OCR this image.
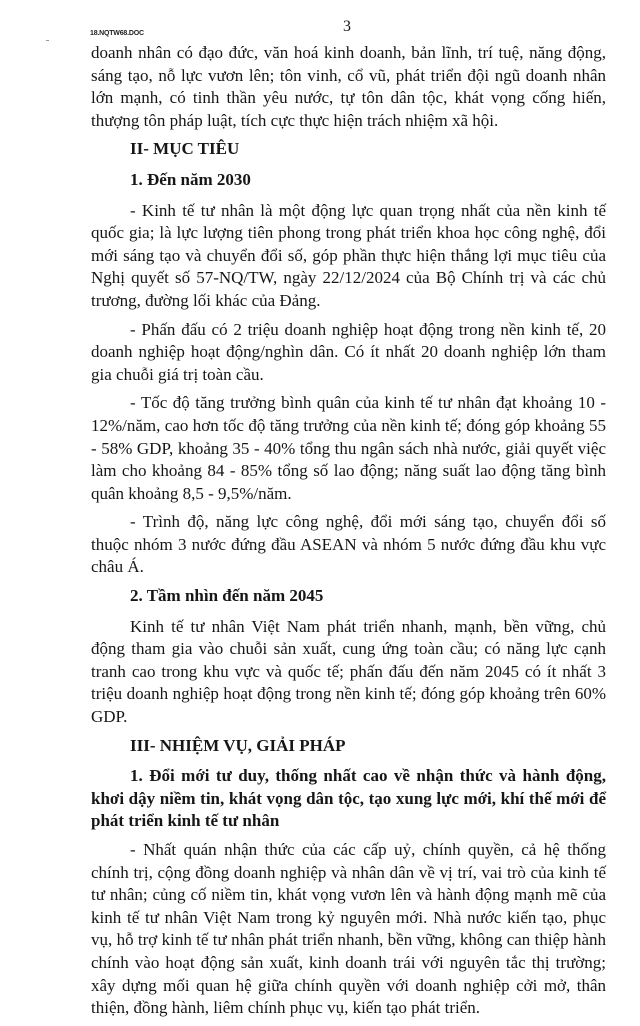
18.NQTW68.DOC	3

doanh nhân có đạo đức, văn hoá kinh doanh, bản lĩnh, trí tuệ, năng động, sáng tạo, nỗ lực vươn lên; tôn vinh, cổ vũ, phát triển đội ngũ doanh nhân lớn mạnh, có tinh thần yêu nước, tự tôn dân tộc, khát vọng cống hiến, thượng tôn pháp luật, tích cực thực hiện trách nhiệm xã hội.

II- MỤC TIÊU

1. Đến năm 2030

- Kinh tế tư nhân là một động lực quan trọng nhất của nền kinh tế quốc gia; là lực lượng tiên phong trong phát triển khoa học công nghệ, đổi mới sáng tạo và chuyển đổi số, góp phần thực hiện thắng lợi mục tiêu của Nghị quyết số 57-NQ/TW, ngày 22/12/2024 của Bộ Chính trị và các chủ trương, đường lối khác của Đảng.

- Phấn đấu có 2 triệu doanh nghiệp hoạt động trong nền kinh tế, 20 doanh nghiệp hoạt động/nghìn dân. Có ít nhất 20 doanh nghiệp lớn tham gia chuỗi giá trị toàn cầu.

- Tốc độ tăng trưởng bình quân của kinh tế tư nhân đạt khoảng 10 - 12%/năm, cao hơn tốc độ tăng trưởng của nền kinh tế; đóng góp khoảng 55 - 58% GDP, khoảng 35 - 40% tổng thu ngân sách nhà nước, giải quyết việc làm cho khoảng 84 - 85% tổng số lao động; năng suất lao động tăng bình quân khoảng 8,5 - 9,5%/năm.

- Trình độ, năng lực công nghệ, đổi mới sáng tạo, chuyển đổi số thuộc nhóm 3 nước đứng đầu ASEAN và nhóm 5 nước đứng đầu khu vực châu Á.

2. Tầm nhìn đến năm 2045

Kinh tế tư nhân Việt Nam phát triển nhanh, mạnh, bền vững, chủ động tham gia vào chuỗi sản xuất, cung ứng toàn cầu; có năng lực cạnh tranh cao trong khu vực và quốc tế; phấn đấu đến năm 2045 có ít nhất 3 triệu doanh nghiệp hoạt động trong nền kinh tế; đóng góp khoảng trên 60% GDP.

III- NHIỆM VỤ, GIẢI PHÁP

1. Đổi mới tư duy, thống nhất cao về nhận thức và hành động, khơi dậy niềm tin, khát vọng dân tộc, tạo xung lực mới, khí thế mới để phát triển kinh tế tư nhân

- Nhất quán nhận thức của các cấp uỷ, chính quyền, cả hệ thống chính trị, cộng đồng doanh nghiệp và nhân dân về vị trí, vai trò của kinh tế tư nhân; củng cố niềm tin, khát vọng vươn lên và hành động mạnh mẽ của kinh tế tư nhân Việt Nam trong kỷ nguyên mới. Nhà nước kiến tạo, phục vụ, hỗ trợ kinh tế tư nhân phát triển nhanh, bền vững, không can thiệp hành chính vào hoạt động sản xuất, kinh doanh trái với nguyên tắc thị trường; xây dựng mối quan hệ giữa chính quyền với doanh nghiệp cởi mở, thân thiện, đồng hành, liêm chính phục vụ, kiến tạo phát triển.
